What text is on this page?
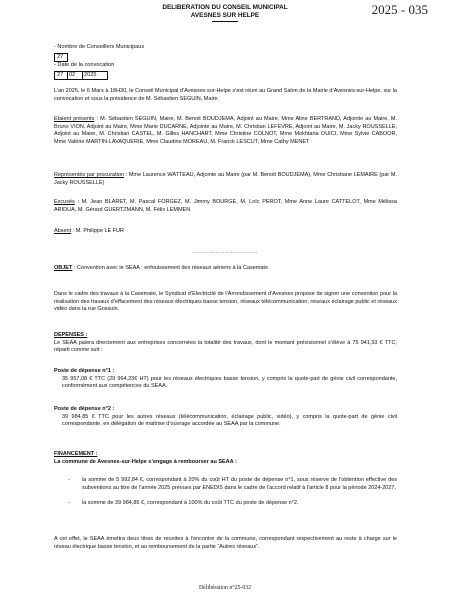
DELIBERATION DU CONSEIL MUNICIPAL
AVESNES SUR HELPE	2025 - 035
- Nombre de Conseillers Municipaux
27
- Date de la convocation
27	02	2025
L’an 2025, le 6 Mars à 18H30, le Conseil Municipal d’Avesnes-sur-Helpe s’est réuni au Grand Salon de la Mairie d’Avesnes-sur-Helpe, sur la convocation et sous la présidence de M. Sébastien SEGUIN, Maire.
Etaient présents : M. Sébastien SEGUIN, Maire, M. Benoit BOUDJEMA, Adjoint au Maire, Mme Aline BERTRAND, Adjointe au Maire, M. Bruno VION, Adjoint au Maire, Mme Marie DUCARNE, Adjointe au Maire, M. Christian LEFEVRE, Adjoint au Maire, M. Jacky ROUSSELLE, Adjoint au Maire, M. Christian CASTEL, M. Gilles HANCHART, Mme Christine COLNOT, Mme Mokhtaria OUICI, Mme Sylvie CABOOR, Mme Valérie MARTIN-LAVAQUERIE, Mme Claudine MOREAU, M. Franck LESCUT, Mme Cathy MENET
Représentés par procuration : Mme Laurence WATTEAU, Adjointe au Maire (par M. Benoit BOUDJEMA), Mme Christiane LEMAIRE (par M. Jacky ROUSSELLE)
Excusés : M. Jean BLARET, M. Pascal FORGEZ, M. Jimmy BOURGE, M. Loïc PEROT, Mme Anne Laure CATTELOT, Mme Mélissa ARIDUA, M. Gérard GUERTZMANN, M. Félix LEMMEN
Absent : M. Philippe LE FUR
………………………………
OBJET : Convention avec le SEAA : enfouissement des réseaux aériens à la Casemate
Dans le cadre des travaux à la Casemate, le Syndicat d’Electricité de l’Arrondissement d’Avesnes propose de signer une convention pour la réalisation des travaux d’effacement des réseaux électriques basse tension, réseaux télécommunication, réseaux éclairage public et réseaux vidéo dans la rue Gossuin.
DEPENSES :
Le SEAA paiera directement aux entreprises concernées la totalité des travaux, dont le montant prévisionnel s’élève à 75 941,93 € TTC, réparti comme suit :
Poste de dépense n°1 :
35 957,08 € TTC (29 964,23€ HT) pour les réseaux électriques basse tension, y compris la quote-part de génie civil correspondante, conformément aux compétences du SEAA.
Poste de dépense n°2 :
39 984,85 € TTC pour les autres réseaux (télécommunication, éclairage public, vidéo), y compris la quote-part de génie civil correspondante, en délégation de maitrise d’ouvrage accordée au SEAA par la commune.
FINANCEMENT :
La commune de Avesnes-sur-Helpe s’engage à rembourser au SEAA :
- la somme de 5 992,84 €, correspondant à 20% du coût HT du poste de dépense n°1, sous réserve de l’obtention effective des subventions au titre de l’année 2025 prévues par ENEDIS dans le cadre de l’accord relatif à l’article 8 pour la période 2024-2027,
- la somme de 39 984,85 €, correspondant à 100% du coût TTC du poste de dépense n°2.
A cet effet, le SEAA émettra deux titres de recettes à l’encontre de la commune, correspondant respectivement au reste à charge sur le réseau électrique basse tension, et au remboursement de la partie “Autres réseaux”.
Délibération n°25-032
